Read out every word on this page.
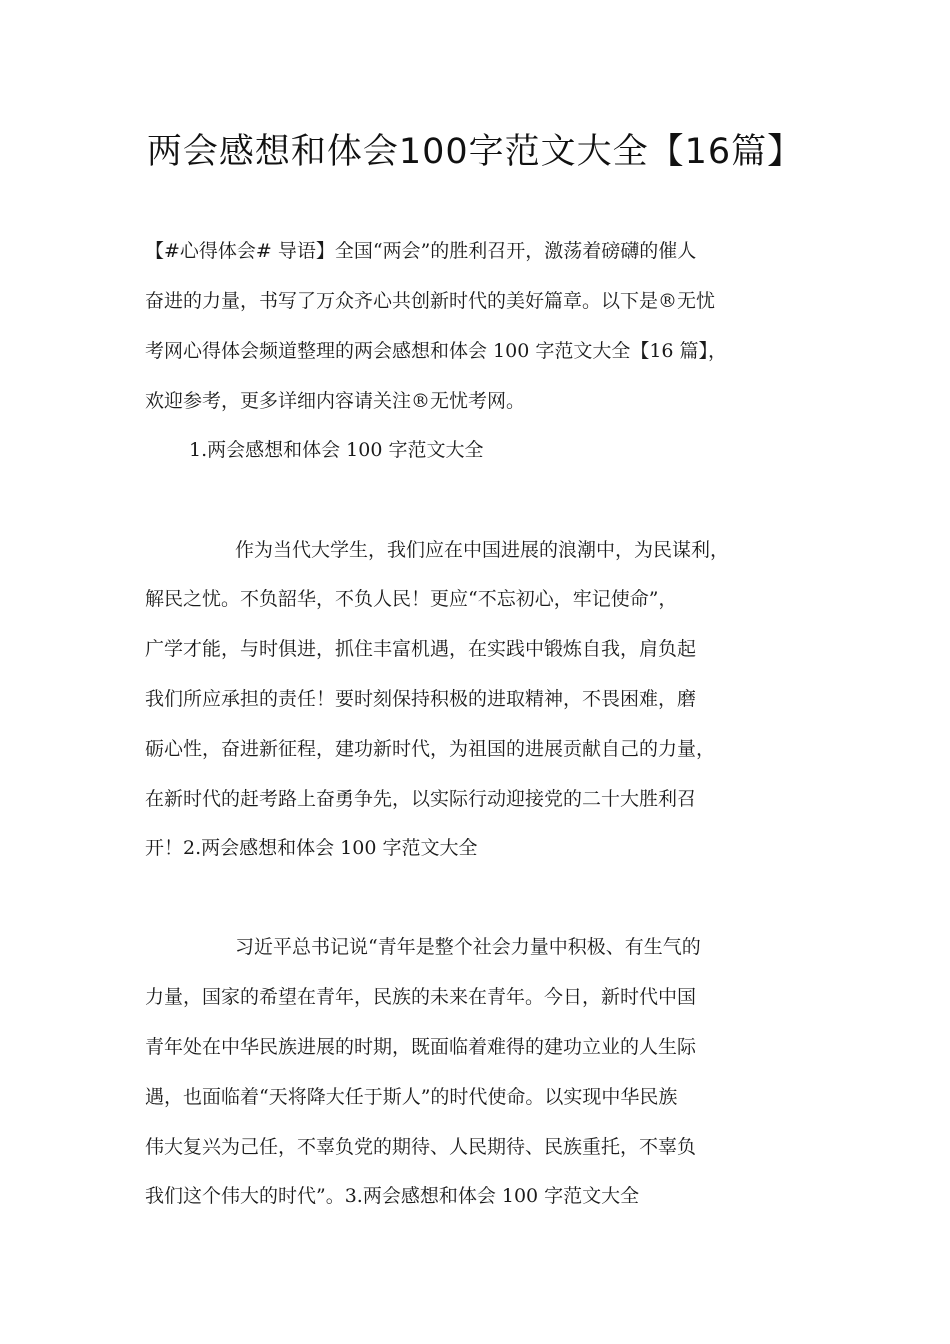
两会感想和体会100字范文大全【16篇】

【#心得体会# 导语】全国“两会”的胜利召开，激荡着磅礴的催人

奋进的力量，书写了万众齐心共创新时代的美好篇章。以下是®无忧

考网心得体会频道整理的两会感想和体会 100 字范文大全【16 篇】，

欢迎参考，更多详细内容请关注®无忧考网。

1.两会感想和体会 100 字范文大全

作为当代大学生，我们应在中国进展的浪潮中，为民谋利，

解民之忧。不负韶华，不负人民！更应“不忘初心，牢记使命”，

广学才能，与时俱进，抓住丰富机遇，在实践中锻炼自我，肩负起

我们所应承担的责任！要时刻保持积极的进取精神，不畏困难，磨

砺心性，奋进新征程，建功新时代，为祖国的进展贡献自己的力量，

在新时代的赶考路上奋勇争先，以实际行动迎接党的二十大胜利召

开！2.两会感想和体会 100 字范文大全

习近平总书记说“青年是整个社会力量中积极、有生气的

力量，国家的希望在青年，民族的未来在青年。今日，新时代中国

青年处在中华民族进展的时期，既面临着难得的建功立业的人生际

遇，也面临着“天将降大任于斯人”的时代使命。以实现中华民族

伟大复兴为己任，不辜负党的期待、人民期待、民族重托，不辜负

我们这个伟大的时代”。3.两会感想和体会 100 字范文大全
